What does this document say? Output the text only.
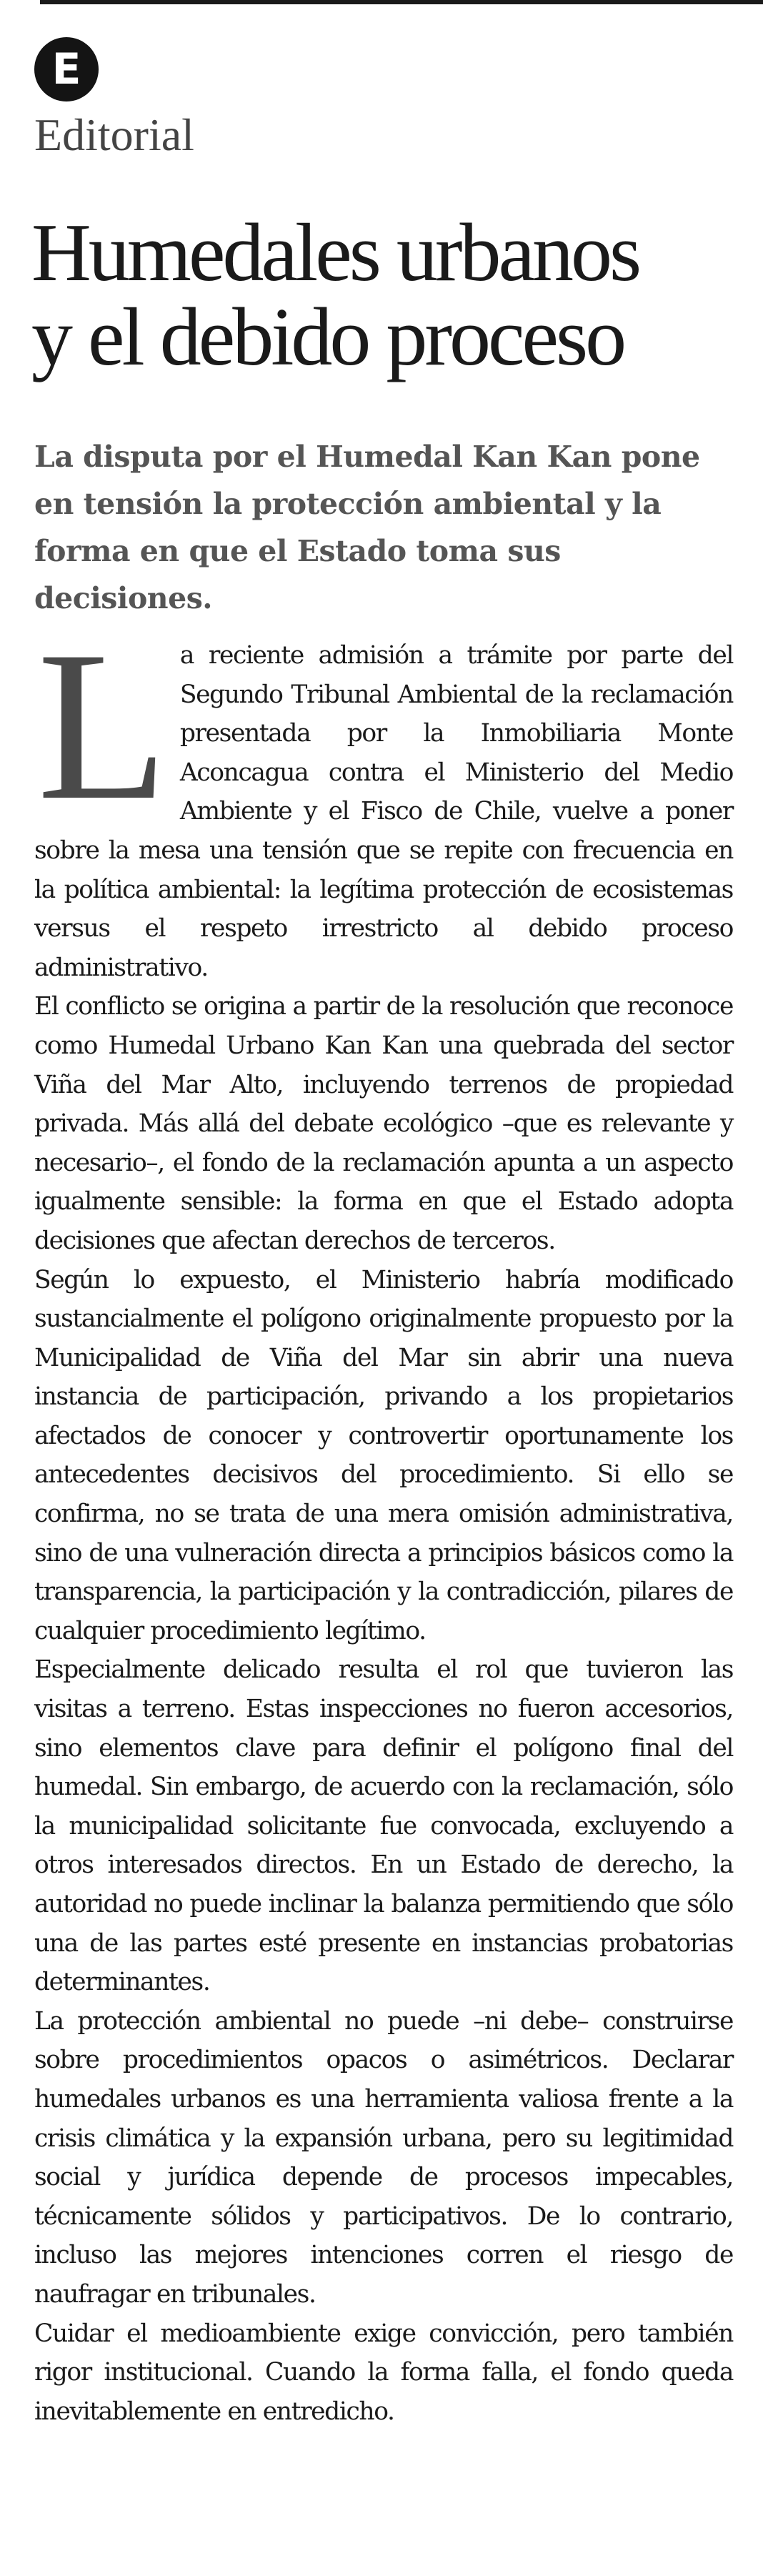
E
Editorial
Humedales urbanos
y el debido proceso

La disputa por el Humedal Kan Kan pone en tensión la protección ambiental y la forma en que el Estado toma sus decisiones.

La reciente admisión a trámite por parte del Segundo Tribunal Ambiental de la reclamación presentada por la Inmobiliaria Monte Aconcagua contra el Ministerio del Medio Ambiente y el Fisco de Chile, vuelve a poner sobre la mesa una tensión que se repite con frecuencia en la política ambiental: la legítima protección de ecosistemas versus el respeto irrestricto al debido proceso administrativo.

El conflicto se origina a partir de la resolución que reconoce como Humedal Urbano Kan Kan una quebrada del sector Viña del Mar Alto, incluyendo terrenos de propiedad privada. Más allá del debate ecológico –que es relevante y necesario–, el fondo de la reclamación apunta a un aspecto igualmente sensible: la forma en que el Estado adopta decisiones que afectan derechos de terceros.

Según lo expuesto, el Ministerio habría modificado sustancialmente el polígono originalmente propuesto por la Municipalidad de Viña del Mar sin abrir una nueva instancia de participación, privando a los propietarios afectados de conocer y controvertir oportunamente los antecedentes decisivos del procedimiento. Si ello se confirma, no se trata de una mera omisión administrativa, sino de una vulneración directa a principios básicos como la transparencia, la participación y la contradicción, pilares de cualquier procedimiento legítimo.

Especialmente delicado resulta el rol que tuvieron las visitas a terreno. Estas inspecciones no fueron accesorios, sino elementos clave para definir el polígono final del humedal. Sin embargo, de acuerdo con la reclamación, sólo la municipalidad solicitante fue convocada, excluyendo a otros interesados directos. En un Estado de derecho, la autoridad no puede inclinar la balanza permitiendo que sólo una de las partes esté presente en instancias probatorias determinantes.

La protección ambiental no puede –ni debe– construirse sobre procedimientos opacos o asimétricos. Declarar humedales urbanos es una herramienta valiosa frente a la crisis climática y la expansión urbana, pero su legitimidad social y jurídica depende de procesos impecables, técnicamente sólidos y participativos. De lo contrario, incluso las mejores intenciones corren el riesgo de naufragar en tribunales.

Cuidar el medioambiente exige convicción, pero también rigor institucional. Cuando la forma falla, el fondo queda inevitablemente en entredicho.
